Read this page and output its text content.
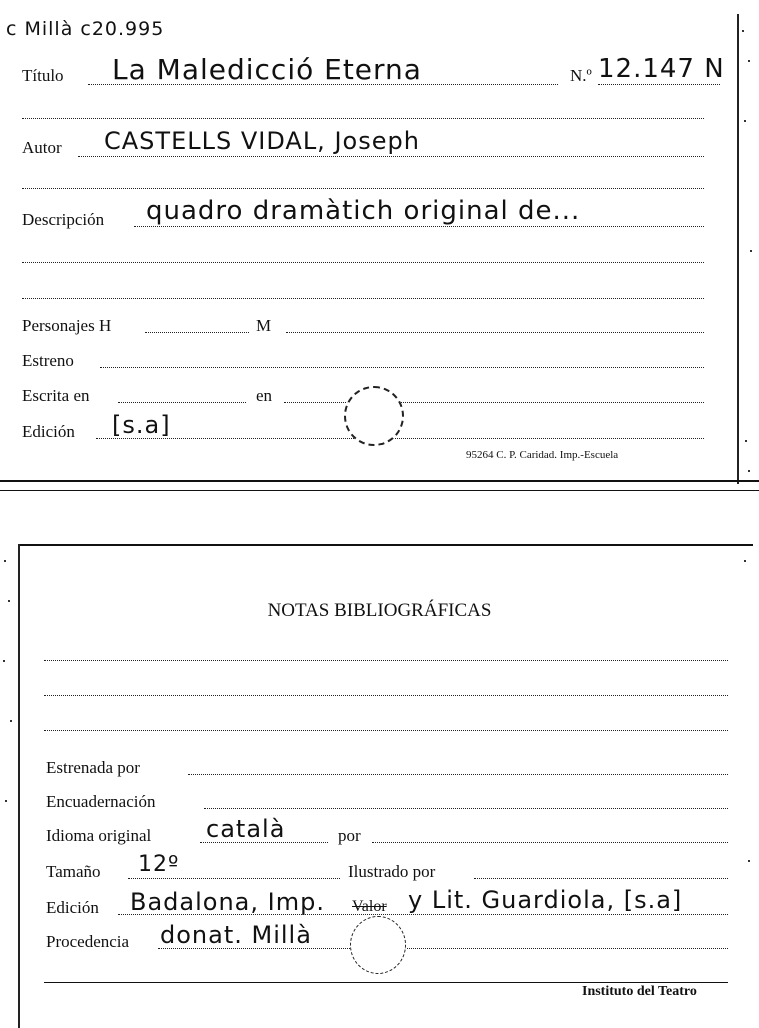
c Millà c20.995
Título La Maledicció Eterna	N.º 12.147 N
Autor CASTELLS VIDAL, Joseph
Descripción quadro dramàtich original de...
Personajes H	M
Estreno
Escrita en	en
Edición [s.a]
95264 C. P. Caridad. Imp.-Escuela
NOTAS BIBLIOGRÁFICAS
Estrenada por
Encuadernación
Idioma original català	por
Tamaño 12º	Ilustrado por
Edición Badalona, Imp. Valor y Lit. Guardiola, [s.a]
Procedencia donat. Millà
Instituto del Teatro
